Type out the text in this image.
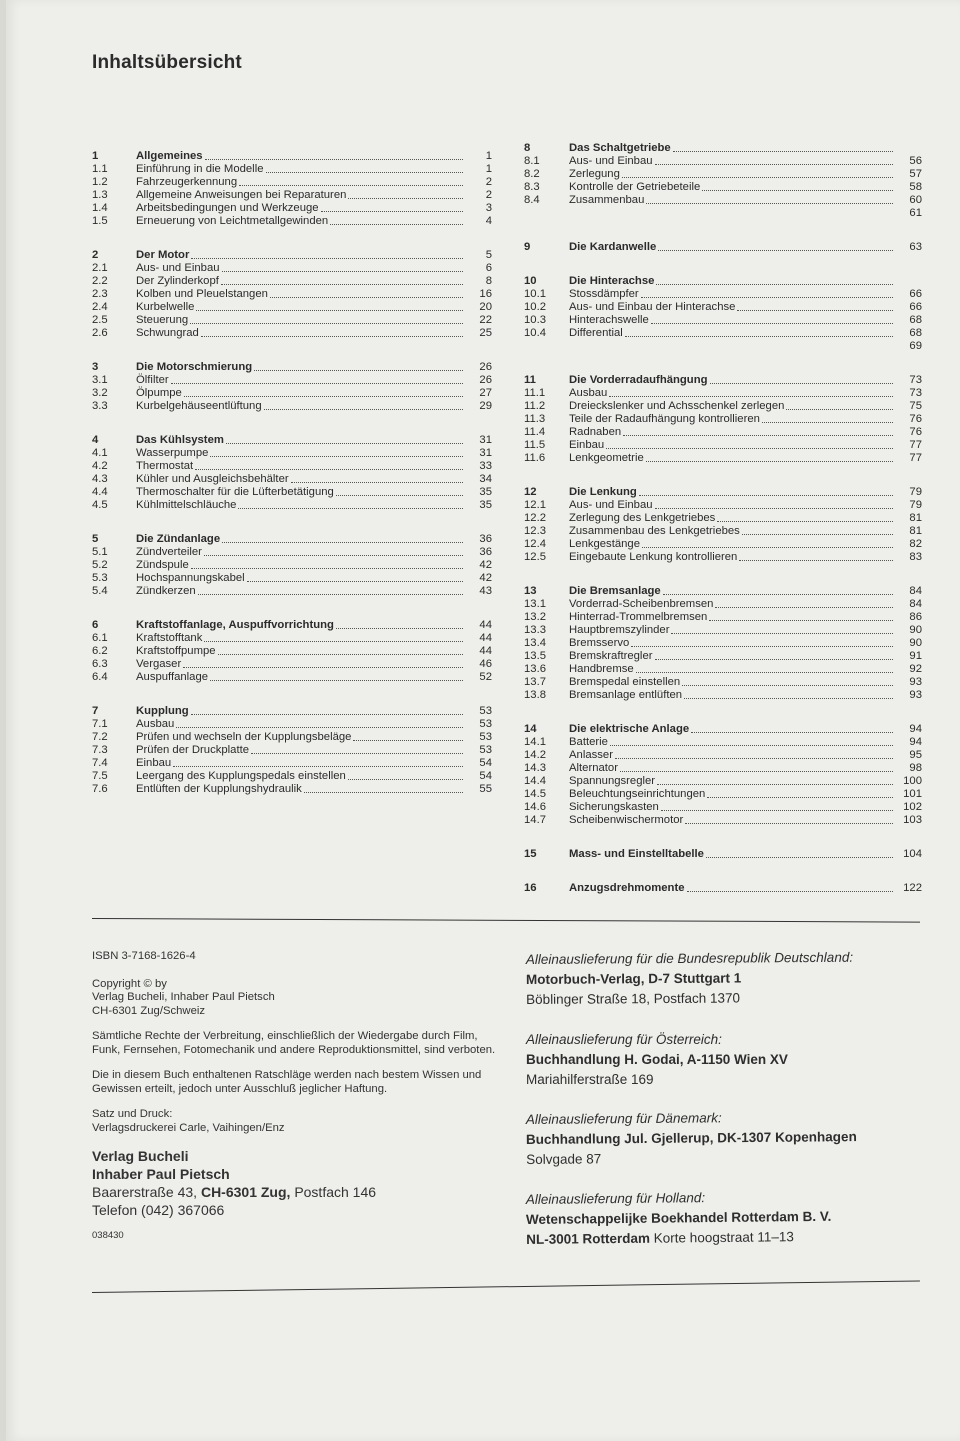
Inhaltsübersicht
1	Allgemeines	1
1.1	Einführung in die Modelle	1
1.2	Fahrzeugerkennung	2
1.3	Allgemeine Anweisungen bei Reparaturen	2
1.4	Arbeitsbedingungen und Werkzeuge	3
1.5	Erneuerung von Leichtmetallgewinden	4
2	Der Motor	5
2.1	Aus- und Einbau	6
2.2	Der Zylinderkopf	8
2.3	Kolben und Pleuelstangen	16
2.4	Kurbelwelle	20
2.5	Steuerung	22
2.6	Schwungrad	25
3	Die Motorschmierung	26
3.1	Ölfilter	26
3.2	Ölpumpe	27
3.3	Kurbelgehäuseentlüftung	29
4	Das Kühlsystem	31
4.1	Wasserpumpe	31
4.2	Thermostat	33
4.3	Kühler und Ausgleichsbehälter	34
4.4	Thermoschalter für die Lüfterbetätigung	35
4.5	Kühlmittelschläuche	35
5	Die Zündanlage	36
5.1	Zündverteiler	36
5.2	Zündspule	42
5.3	Hochspannungskabel	42
5.4	Zündkerzen	43
6	Kraftstoffanlage, Auspuffvorrichtung	44
6.1	Kraftstofftank	44
6.2	Kraftstoffpumpe	44
6.3	Vergaser	46
6.4	Auspuffanlage	52
7	Kupplung	53
7.1	Ausbau	53
7.2	Prüfen und wechseln der Kupplungsbeläge	53
7.3	Prüfen der Druckplatte	53
7.4	Einbau	54
7.5	Leergang des Kupplungspedals einstellen	54
7.6	Entlüften der Kupplungshydraulik	55
8	Das Schaltgetriebe
8.1	Aus- und Einbau	56
8.2	Zerlegung	57
8.3	Kontrolle der Getriebeteile	58
8.4	Zusammenbau	60
61
9	Die Kardanwelle	63
10	Die Hinterachse
10.1	Stossdämpfer	66
10.2	Aus- und Einbau der Hinterachse	66
10.3	Hinterachswelle	68
10.4	Differential	68
69
11	Die Vorderradaufhängung	73
11.1	Ausbau	73
11.2	Dreieckslenker und Achsschenkel zerlegen	75
11.3	Teile der Radaufhängung kontrollieren	76
11.4	Radnaben	76
11.5	Einbau	77
11.6	Lenkgeometrie	77
12	Die Lenkung	79
12.1	Aus- und Einbau	79
12.2	Zerlegung des Lenkgetriebes	81
12.3	Zusammenbau des Lenkgetriebes	81
12.4	Lenkgestänge	82
12.5	Eingebaute Lenkung kontrollieren	83
13	Die Bremsanlage	84
13.1	Vorderrad-Scheibenbremsen	84
13.2	Hinterrad-Trommelbremsen	86
13.3	Hauptbremszylinder	90
13.4	Bremsservo	90
13.5	Bremskraftregler	91
13.6	Handbremse	92
13.7	Bremspedal einstellen	93
13.8	Bremsanlage entlüften	93
14	Die elektrische Anlage	94
14.1	Batterie	94
14.2	Anlasser	95
14.3	Alternator	98
14.4	Spannungsregler	100
14.5	Beleuchtungseinrichtungen	101
14.6	Sicherungskasten	102
14.7	Scheibenwischermotor	103
15	Mass- und Einstelltabelle	104
16	Anzugsdrehmomente	122

ISBN 3-7168-1626-4

Copyright © by
Verlag Bucheli, Inhaber Paul Pietsch
CH-6301 Zug/Schweiz

Sämtliche Rechte der Verbreitung, einschließlich der Wiedergabe durch Film, Funk, Fernsehen, Fotomechanik und andere Reproduktionsmittel, sind verboten.

Die in diesem Buch enthaltenen Ratschläge werden nach bestem Wissen und Gewissen erteilt, jedoch unter Ausschluß jeglicher Haftung.

Satz und Druck:
Verlagsdruckerei Carle, Vaihingen/Enz

Verlag Bucheli
Inhaber Paul Pietsch
Baarerstraße 43, CH-6301 Zug, Postfach 146
Telefon (042) 367066
038430
Alleinauslieferung für die Bundesrepublik Deutschland:
Motorbuch-Verlag, D-7 Stuttgart 1
Böblinger Straße 18, Postfach 1370
Alleinauslieferung für Österreich:
Buchhandlung H. Godai, A-1150 Wien XV
Mariahilferstraße 169
Alleinauslieferung für Dänemark:
Buchhandlung Jul. Gjellerup, DK-1307 Kopenhagen
Solvgade 87
Alleinauslieferung für Holland:
Wetenschappelijke Boekhandel Rotterdam B. V.
NL-3001 Rotterdam Korte hoogstraat 11–13
